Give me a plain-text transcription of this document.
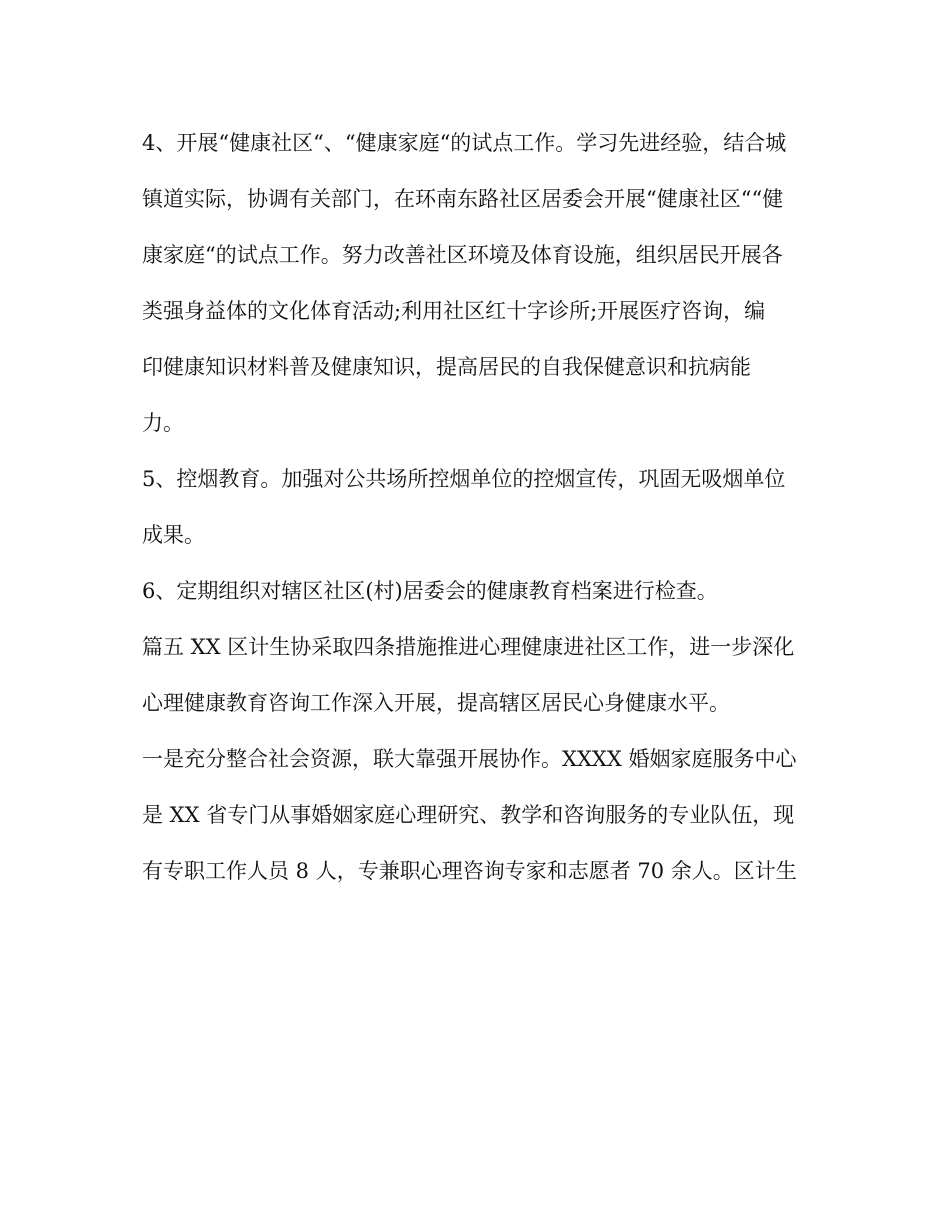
4、开展“健康社区“、“健康家庭“的试点工作。学习先进经验，结合城
镇道实际，协调有关部门，在环南东路社区居委会开展“健康社区““健
康家庭“的试点工作。努力改善社区环境及体育设施，组织居民开展各
类强身益体的文化体育活动;利用社区红十字诊所;开展医疗咨询，编
印健康知识材料普及健康知识，提高居民的自我保健意识和抗病能
力。
5、控烟教育。加强对公共场所控烟单位的控烟宣传，巩固无吸烟单位
成果。
6、定期组织对辖区社区(村)居委会的健康教育档案进行检查。
篇五 XX 区计生协采取四条措施推进心理健康进社区工作，进一步深化
心理健康教育咨询工作深入开展，提高辖区居民心身健康水平。
一是充分整合社会资源，联大靠强开展协作。XXXX 婚姻家庭服务中心
是 XX 省专门从事婚姻家庭心理研究、教学和咨询服务的专业队伍，现
有专职工作人员 8 人，专兼职心理咨询专家和志愿者 70 余人。区计生
